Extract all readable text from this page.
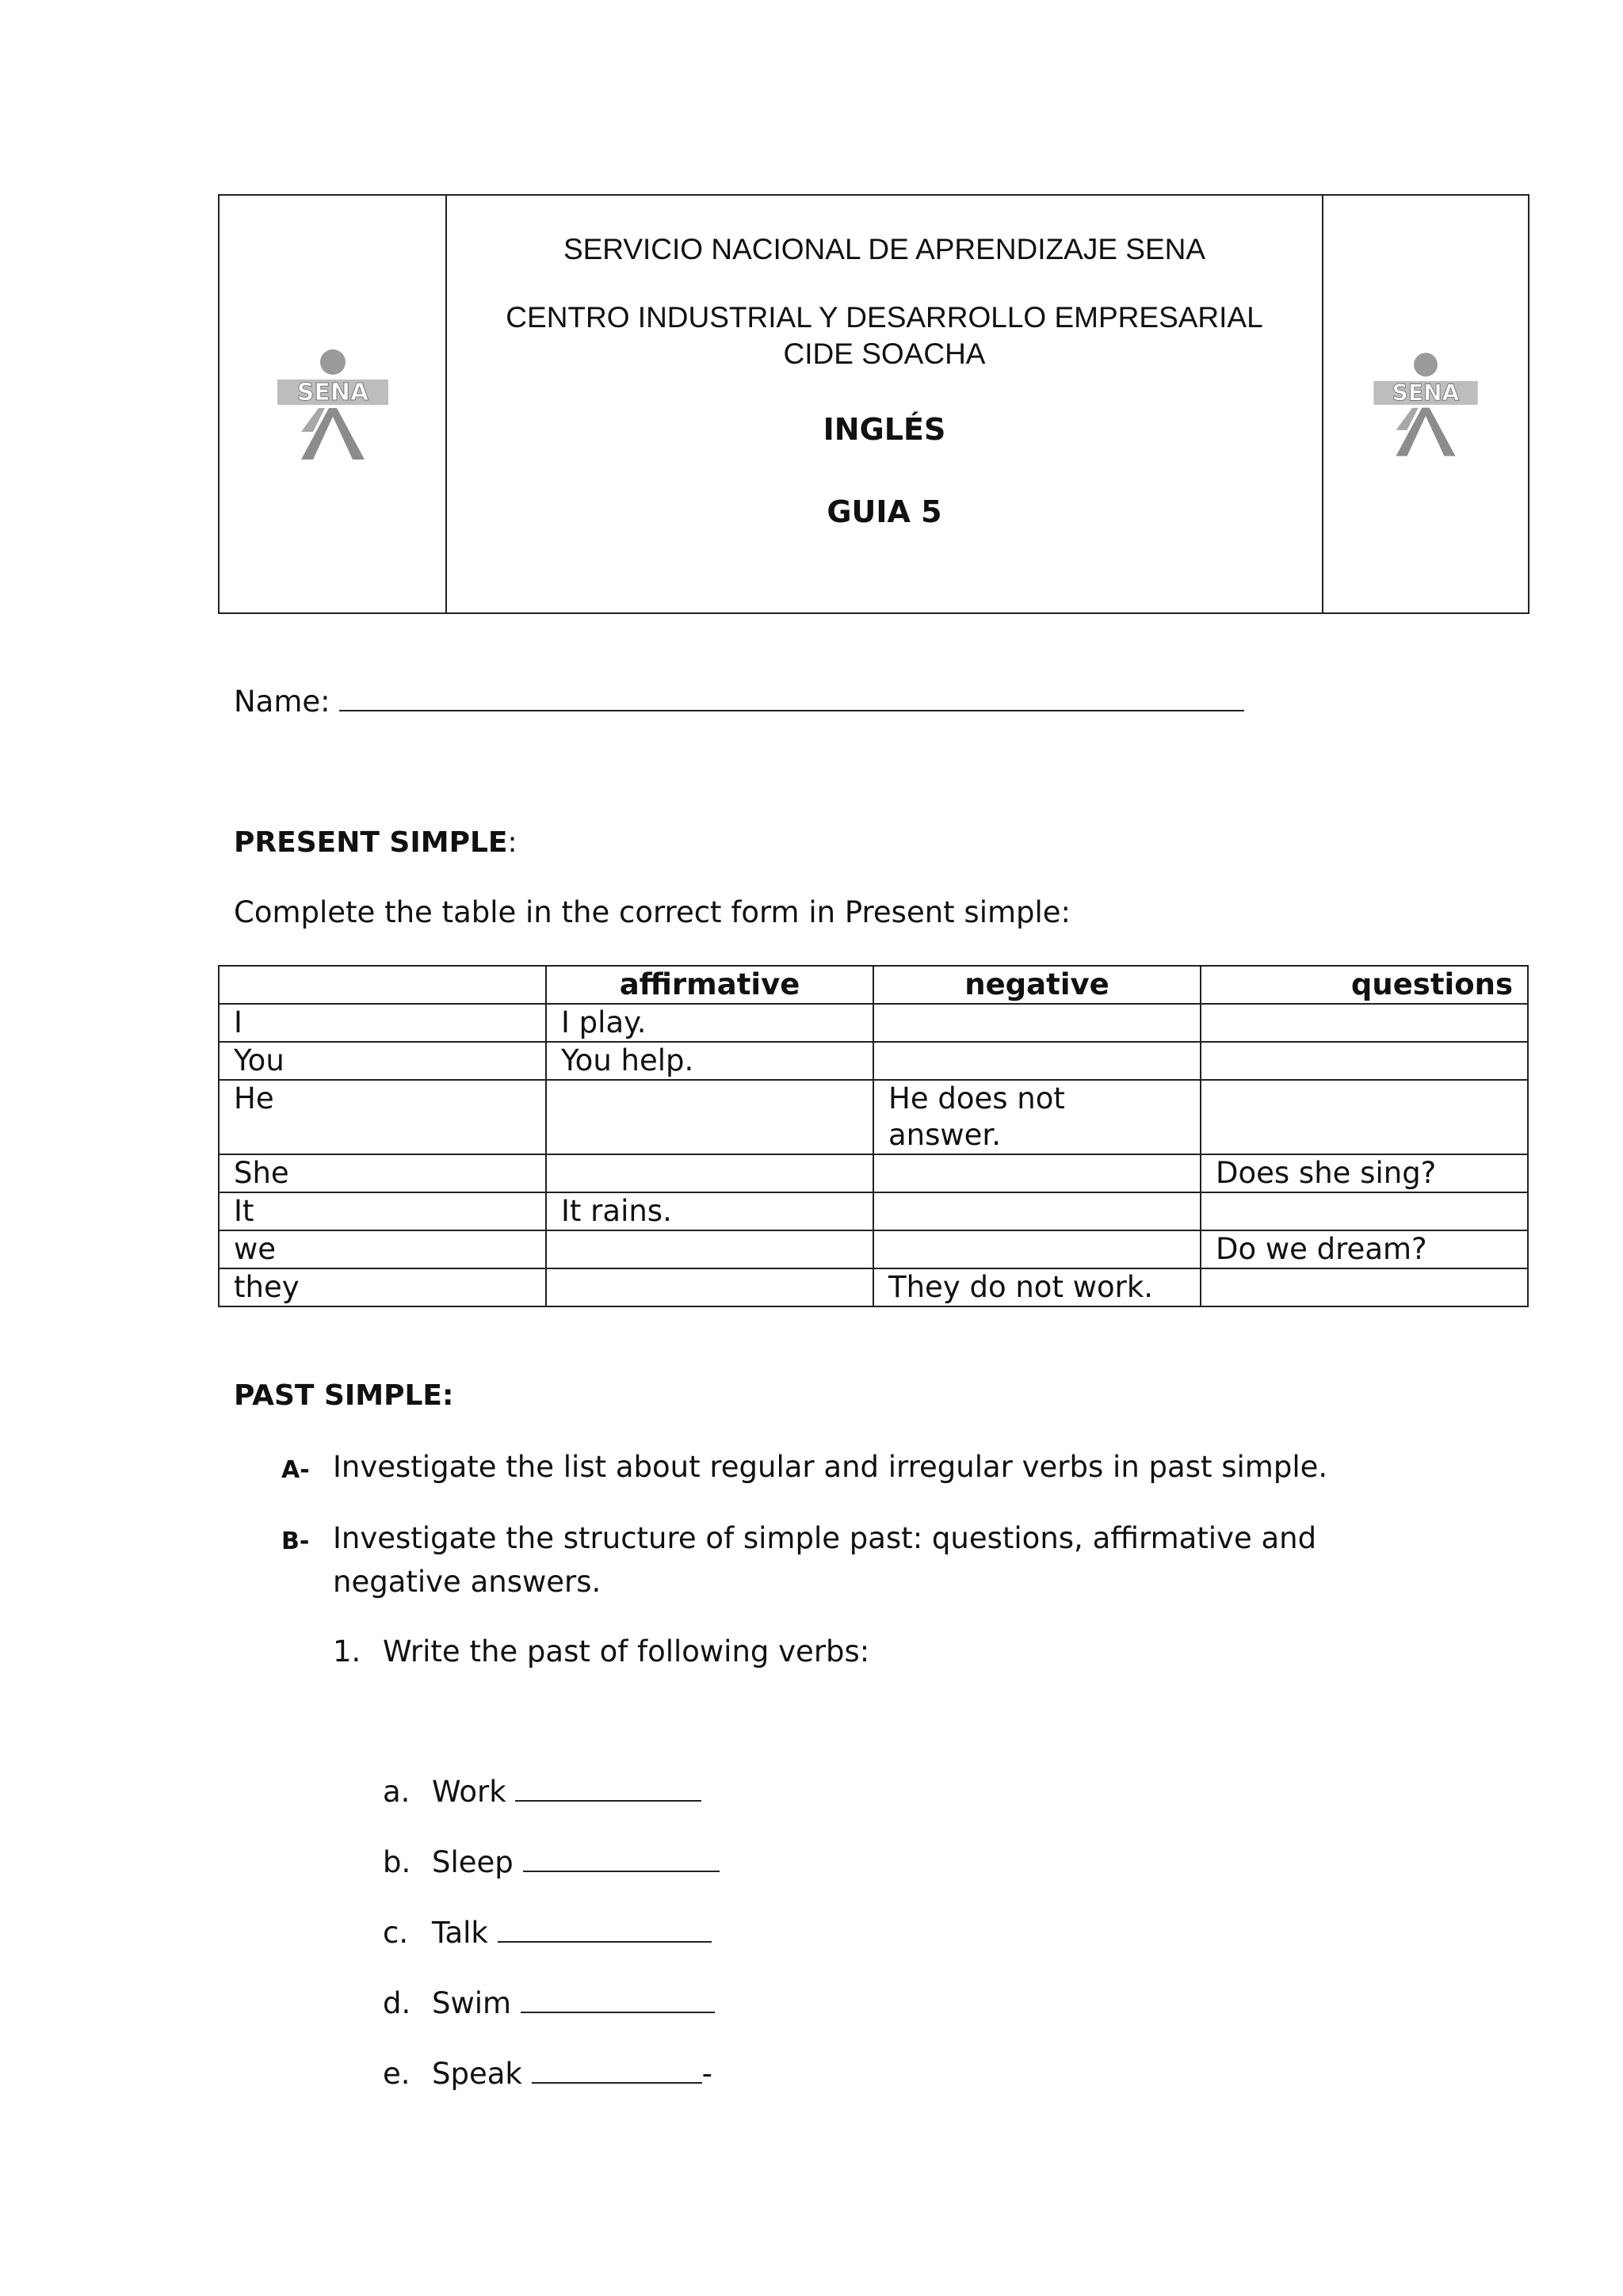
SENA
SERVICIO NACIONAL DE APRENDIZAJE SENA
CENTRO INDUSTRIAL Y DESARROLLO EMPRESARIAL
CIDE SOACHA
INGLÉS
GUIA 5
SENA
Name:
PRESENT SIMPLE:
Complete the table in the correct form in Present simple:
	affirmative	negative	questions
I	I play.		
You	You help.		
He		He does not answer.	
She			Does she sing?
It	It rains.		
we			Do we dream?
they		They do not work.	
PAST SIMPLE:
A- Investigate the list about regular and irregular verbs in past simple.
B- Investigate the structure of simple past: questions, affirmative and
negative answers.
1. Write the past of following verbs:
a. Work
b. Sleep
c. Talk
d. Swim
e. Speak	-
